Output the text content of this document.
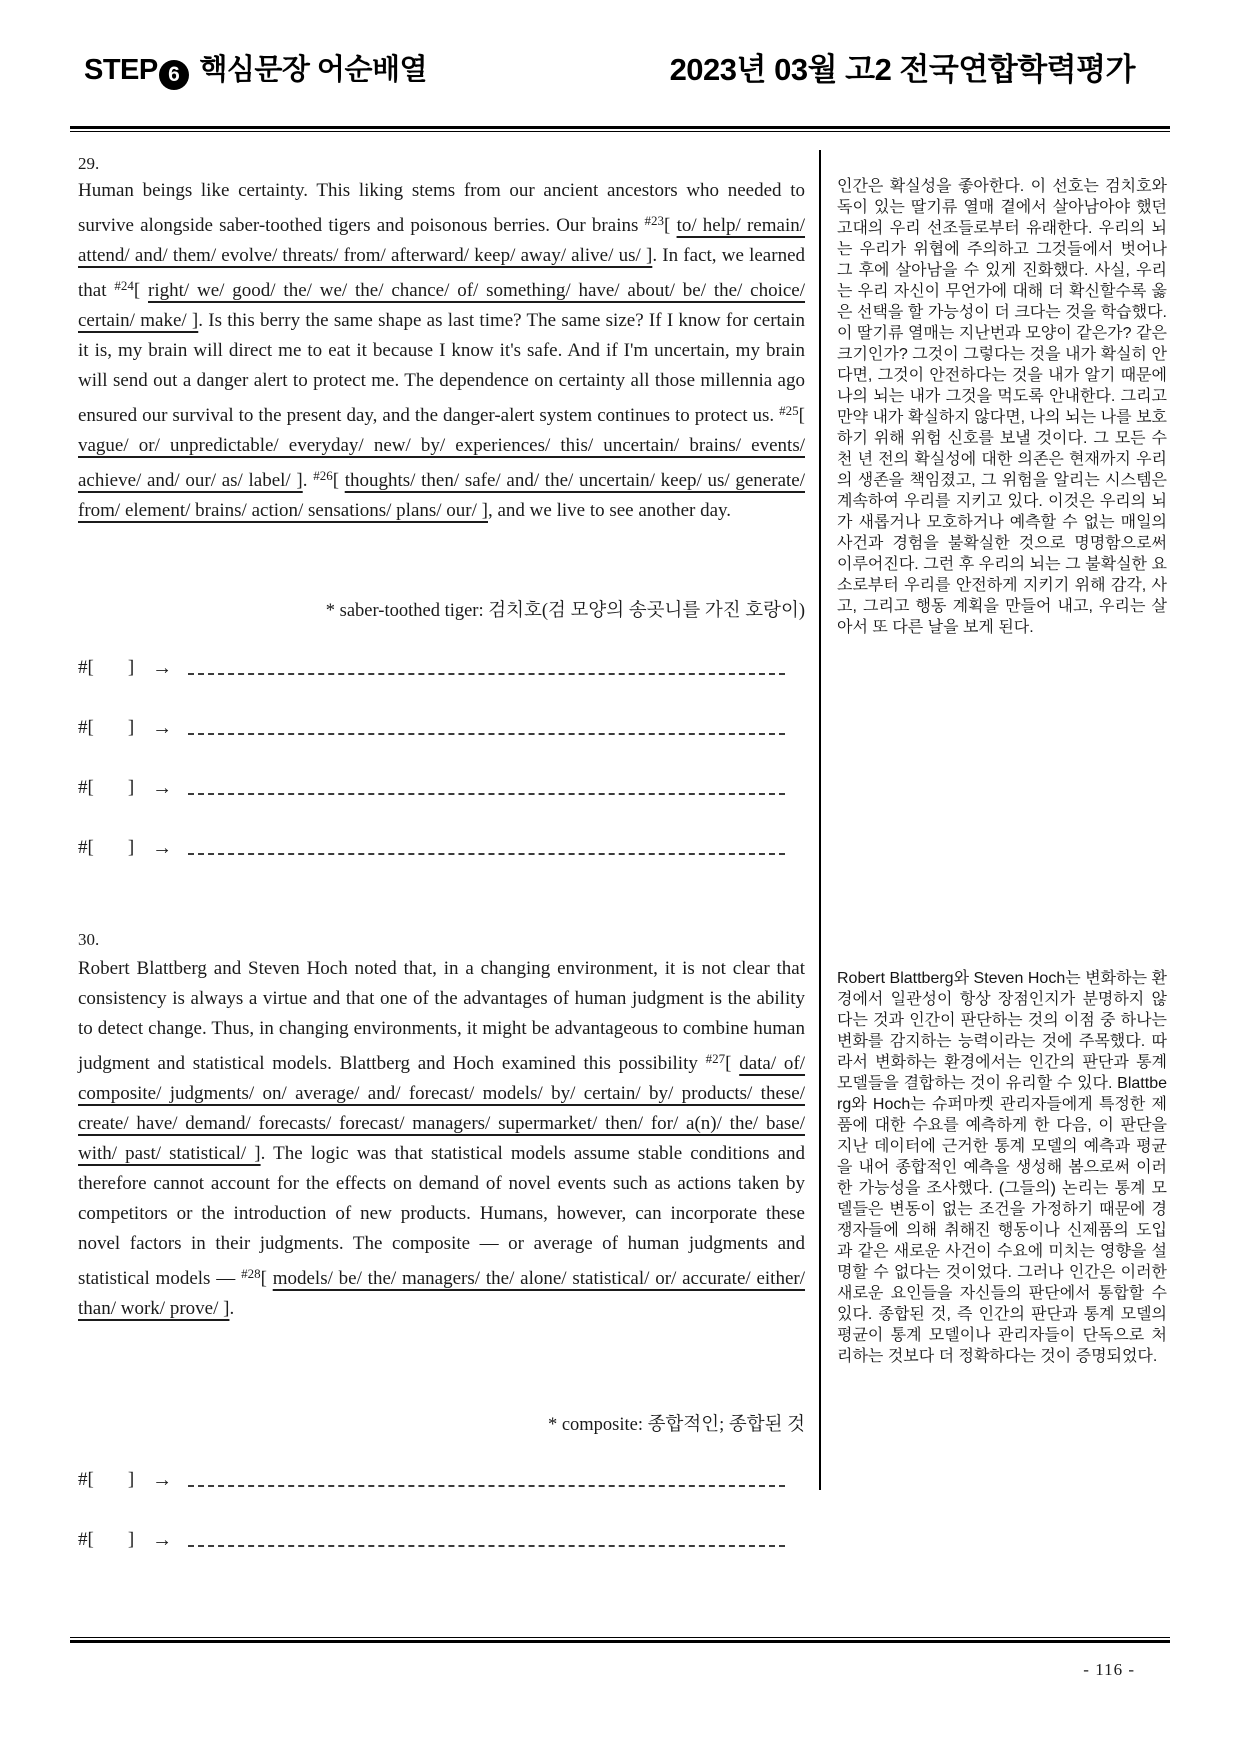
STEP 6 핵심문장 어순배열	2023년 03월 고2 전국연합학력평가
29.
Human beings like certainty. This liking stems from our ancient ancestors who needed to survive alongside saber-toothed tigers and poisonous berries. Our brains $^{\#23}$[ to/ help/ remain/ attend/ and/ them/ evolve/ threats/ from/ afterward/ keep/ away/ alive/ us/ ]. In fact, we learned that $^{\#24}$[ right/ we/ good/ the/ we/ the/ chance/ of/ something/ have/ about/ be/ the/ choice/ certain/ make/ ]. Is this berry the same shape as last time? The same size? If I know for certain it is, my brain will direct me to eat it because I know it's safe. And if I'm uncertain, my brain will send out a danger alert to protect me. The dependence on certainty all those millennia ago ensured our survival to the present day, and the danger-alert system continues to protect us. $^{\#25}$[ vague/ or/ unpredictable/ everyday/ new/ by/ experiences/ this/ uncertain/ brains/ events/ achieve/ and/ our/ as/ label/ ]. $^{\#26}$[ thoughts/ then/ safe/ and/ the/ uncertain/ keep/ us/ generate/ from/ element/ brains/ action/ sensations/ plans/ our/ ], and we live to see another day.
* saber-toothed tiger: 검치호(검 모양의 송곳니를 가진 호랑이)
#[ ] →
#[ ] →
#[ ] →
#[ ] →
30.
Robert Blattberg and Steven Hoch noted that, in a changing environment, it is not clear that consistency is always a virtue and that one of the advantages of human judgment is the ability to detect change. Thus, in changing environments, it might be advantageous to combine human judgment and statistical models. Blattberg and Hoch examined this possibility $^{\#27}$[ data/ of/ composite/ judgments/ on/ average/ and/ forecast/ models/ by/ certain/ by/ products/ these/ create/ have/ demand/ forecasts/ forecast/ managers/ supermarket/ then/ for/ a(n)/ the/ base/ with/ past/ statistical/ ]. The logic was that statistical models assume stable conditions and therefore cannot account for the effects on demand of novel events such as actions taken by competitors or the introduction of new products. Humans, however, can incorporate these novel factors in their judgments. The composite — or average of human judgments and statistical models — $^{\#28}$[ models/ be/ the/ managers/ the/ alone/ statistical/ or/ accurate/ either/ than/ work/ prove/ ].
* composite: 종합적인; 종합된 것
#[ ] →
#[ ] →
인간은 확실성을 좋아한다. 이 선호는 검치호와 독이 있는 딸기류 열매 곁에서 살아남아야 했던 고대의 우리 선조들로부터 유래한다. 우리의 뇌는 우리가 위협에 주의하고 그것들에서 벗어나 그 후에 살아남을 수 있게 진화했다. 사실, 우리는 우리 자신이 무언가에 대해 더 확신할수록 옳은 선택을 할 가능성이 더 크다는 것을 학습했다. 이 딸기류 열매는 지난번과 모양이 같은가? 같은 크기인가? 그것이 그렇다는 것을 내가 확실히 안다면, 그것이 안전하다는 것을 내가 알기 때문에 나의 뇌는 내가 그것을 먹도록 안내한다. 그리고 만약 내가 확실하지 않다면, 나의 뇌는 나를 보호하기 위해 위험 신호를 보낼 것이다. 그 모든 수천 년 전의 확실성에 대한 의존은 현재까지 우리의 생존을 책임졌고, 그 위험을 알리는 시스템은 계속하여 우리를 지키고 있다. 이것은 우리의 뇌가 새롭거나 모호하거나 예측할 수 없는 매일의 사건과 경험을 불확실한 것으로 명명함으로써 이루어진다. 그런 후 우리의 뇌는 그 불확실한 요소로부터 우리를 안전하게 지키기 위해 감각, 사고, 그리고 행동 계획을 만들어 내고, 우리는 살아서 또 다른 날을 보게 된다.
Robert Blattberg와 Steven Hoch는 변화하는 환경에서 일관성이 항상 장점인지가 분명하지 않다는 것과 인간이 판단하는 것의 이점 중 하나는 변화를 감지하는 능력이라는 것에 주목했다. 따라서 변화하는 환경에서는 인간의 판단과 통계 모델들을 결합하는 것이 유리할 수 있다. Blattberg와 Hoch는 슈퍼마켓 관리자들에게 특정한 제품에 대한 수요를 예측하게 한 다음, 이 판단을 지난 데이터에 근거한 통계 모델의 예측과 평균을 내어 종합적인 예측을 생성해 봄으로써 이러한 가능성을 조사했다. (그들의) 논리는 통계 모델들은 변동이 없는 조건을 가정하기 때문에 경쟁자들에 의해 취해진 행동이나 신제품의 도입과 같은 새로운 사건이 수요에 미치는 영향을 설명할 수 없다는 것이었다. 그러나 인간은 이러한 새로운 요인들을 자신들의 판단에서 통합할 수 있다. 종합된 것, 즉 인간의 판단과 통계 모델의 평균이 통계 모델이나 관리자들이 단독으로 처리하는 것보다 더 정확하다는 것이 증명되었다.
- 116 -
